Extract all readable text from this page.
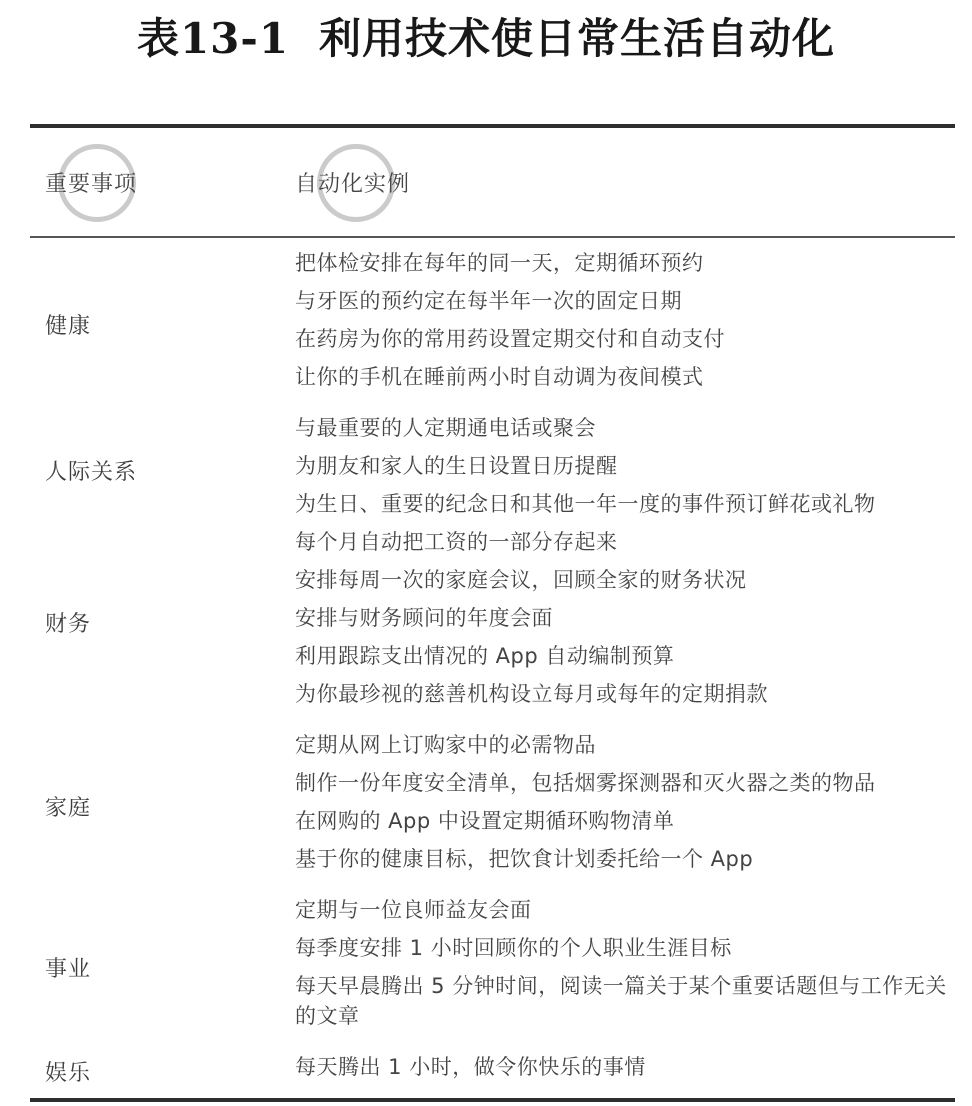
表13-1 利用技术使日常生活自动化
重要事项	自动化实例
健康
把体检安排在每年的同一天，定期循环预约
与牙医的预约定在每半年一次的固定日期
在药房为你的常用药设置定期交付和自动支付
让你的手机在睡前两小时自动调为夜间模式
人际关系
与最重要的人定期通电话或聚会
为朋友和家人的生日设置日历提醒
为生日、重要的纪念日和其他一年一度的事件预订鲜花或礼物
财务
每个月自动把工资的一部分存起来
安排每周一次的家庭会议，回顾全家的财务状况
安排与财务顾问的年度会面
利用跟踪支出情况的 App 自动编制预算
为你最珍视的慈善机构设立每月或每年的定期捐款
家庭
定期从网上订购家中的必需物品
制作一份年度安全清单，包括烟雾探测器和灭火器之类的物品
在网购的 App 中设置定期循环购物清单
基于你的健康目标，把饮食计划委托给一个 App
事业
定期与一位良师益友会面
每季度安排 1 小时回顾你的个人职业生涯目标
每天早晨腾出 5 分钟时间，阅读一篇关于某个重要话题但与工作无关的文章
娱乐	每天腾出 1 小时，做令你快乐的事情
